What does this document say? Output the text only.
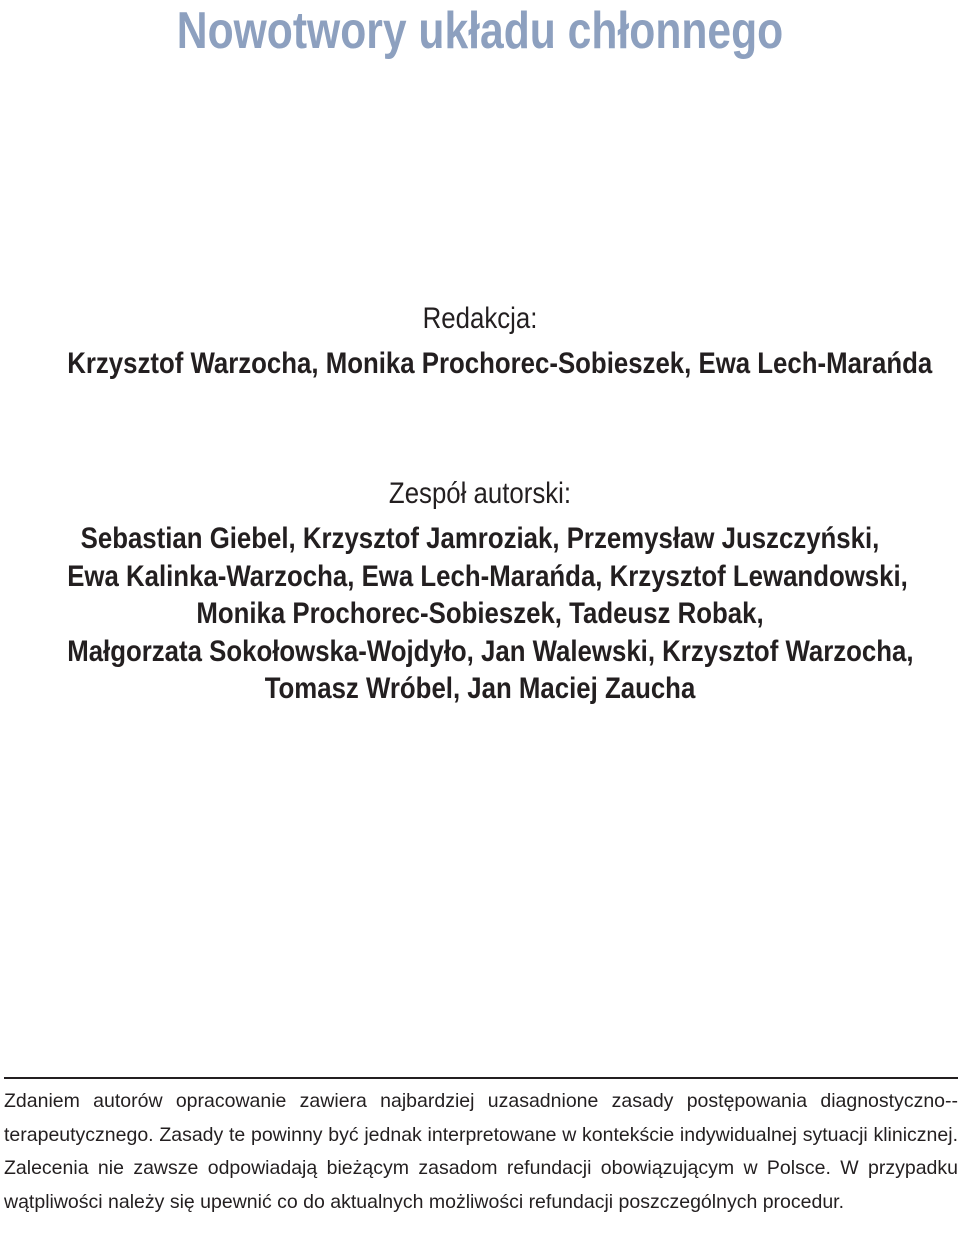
Nowotwory układu chłonnego
Redakcja:
Krzysztof Warzocha, Monika Prochorec-Sobieszek, Ewa Lech-Marańda
Zespół autorski:
Sebastian Giebel, Krzysztof Jamroziak, Przemysław Juszczyński,
Ewa Kalinka-Warzocha, Ewa Lech-Marańda, Krzysztof Lewandowski,
Monika Prochorec-Sobieszek, Tadeusz Robak,
Małgorzata Sokołowska-Wojdyło, Jan Walewski, Krzysztof Warzocha,
Tomasz Wróbel, Jan Maciej Zaucha

Zdaniem autorów opracowanie zawiera najbardziej uzasadnione zasady postępowania diagnostyczno--terapeutycznego. Zasady te powinny być jednak interpretowane w kontekście indywidualnej sytuacji klinicznej. Zalecenia nie zawsze odpowiadają bieżącym zasadom refundacji obowiązującym w Polsce. W przypadku wątpliwości należy się upewnić co do aktualnych możliwości refundacji poszczególnych procedur.
